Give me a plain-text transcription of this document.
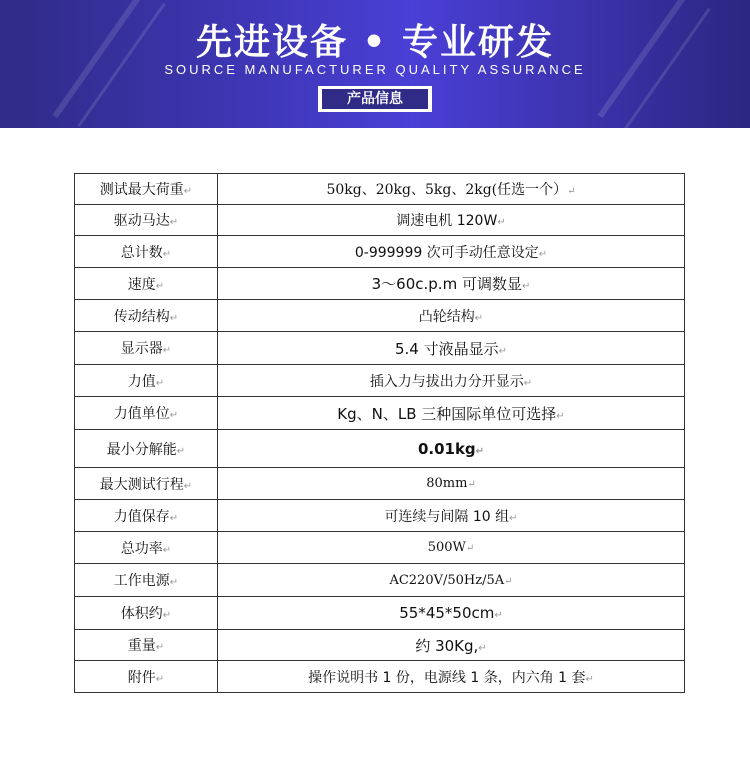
先进设备 • 专业研发
SOURCE MANUFACTURER QUALITY ASSURANCE
产品信息
测试最大荷重↵	50kg、20kg、5kg、2kg(任选一个）↵
驱动马达↵	调速电机 120W↵
总计数↵	0-999999 次可手动任意设定↵
速度↵	3～60c.p.m 可调数显↵
传动结构↵	凸轮结构↵
显示器↵	5.4 寸液晶显示↵
力值↵	插入力与拔出力分开显示↵
力值单位↵	Kg、N、LB 三种国际单位可选择↵
最小分解能↵	0.01kg↵
最大测试行程↵	80mm↵
力值保存↵	可连续与间隔 10 组↵
总功率↵	500W↵
工作电源↵	AC220V/50Hz/5A↵
体积约↵	55*45*50cm↵
重量↵	约 30Kg,↵
附件↵	操作说明书 1 份，电源线 1 条，内六角 1 套↵
